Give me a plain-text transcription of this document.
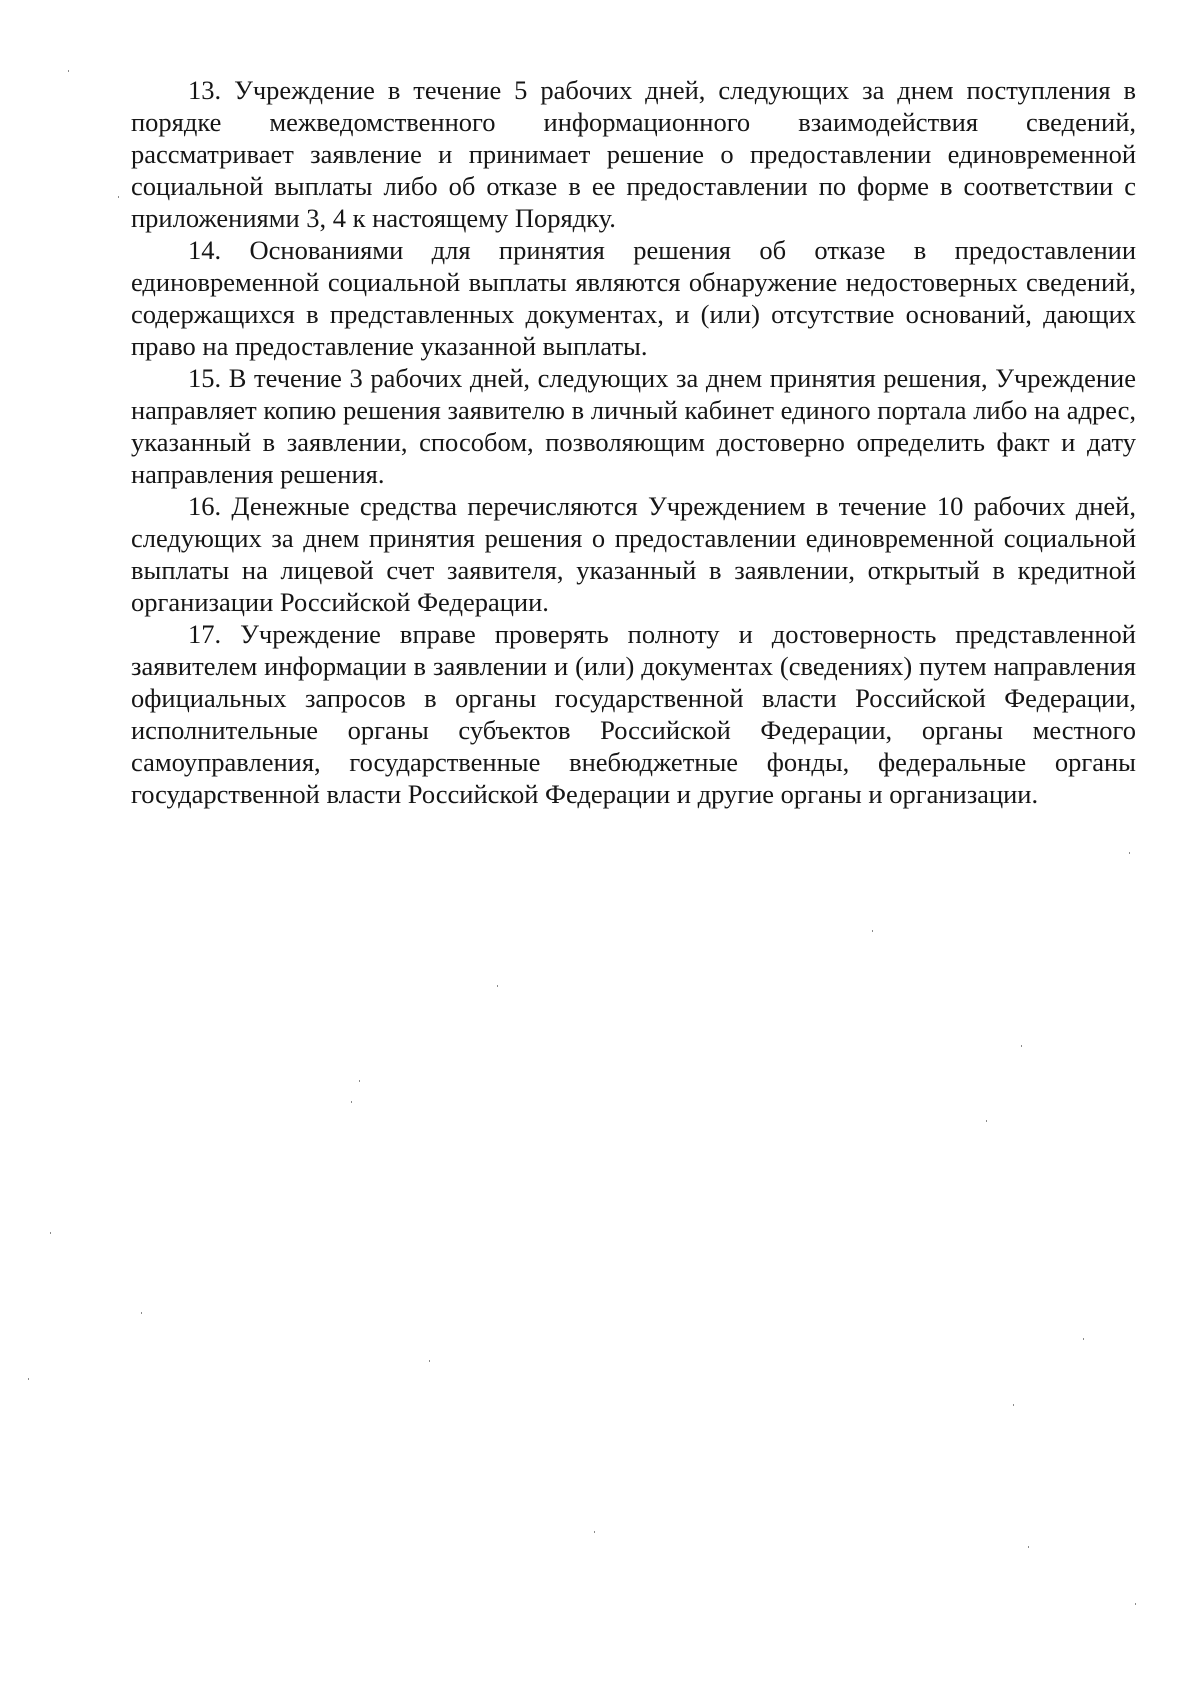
13. Учреждение в течение 5 рабочих дней, следующих за днем поступления в порядке межведомственного информационного взаимодействия сведений, рассматривает заявление и принимает решение о предоставлении единовременной социальной выплаты либо об отказе в ее предоставлении по форме в соответствии с приложениями 3, 4 к настоящему Порядку.

14. Основаниями для принятия решения об отказе в предоставлении единовременной социальной выплаты являются обнаружение недостоверных сведений, содержащихся в представленных документах, и (или) отсутствие оснований, дающих право на предоставление указанной выплаты.

15. В течение 3 рабочих дней, следующих за днем принятия решения, Учреждение направляет копию решения заявителю в личный кабинет единого портала либо на адрес, указанный в заявлении, способом, позволяющим достоверно определить факт и дату направления решения.

16. Денежные средства перечисляются Учреждением в течение 10 рабочих дней, следующих за днем принятия решения о предоставлении единовременной социальной выплаты на лицевой счет заявителя, указанный в заявлении, открытый в кредитной организации Российской Федерации.

17. Учреждение вправе проверять полноту и достоверность представленной заявителем информации в заявлении и (или) документах (сведениях) путем направления официальных запросов в органы государственной власти Российской Федерации, исполнительные органы субъектов Российской Федерации, органы местного самоуправления, государственные внебюджетные фонды, федеральные органы государственной власти Российской Федерации и другие органы и организации.
